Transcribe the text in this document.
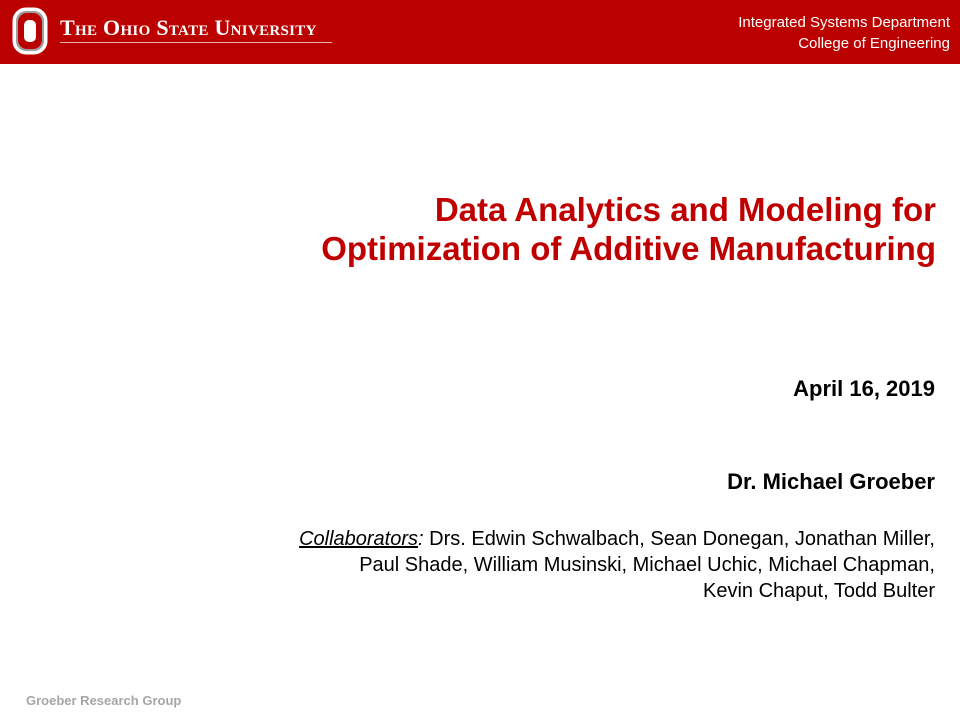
The Ohio State University	Integrated Systems Department
College of Engineering
Data Analytics and Modeling for
Optimization of Additive Manufacturing
April 16, 2019
Dr. Michael Groeber
Collaborators: Drs. Edwin Schwalbach, Sean Donegan, Jonathan Miller,
Paul Shade, William Musinski, Michael Uchic, Michael Chapman,
Kevin Chaput, Todd Bulter
Groeber Research Group
